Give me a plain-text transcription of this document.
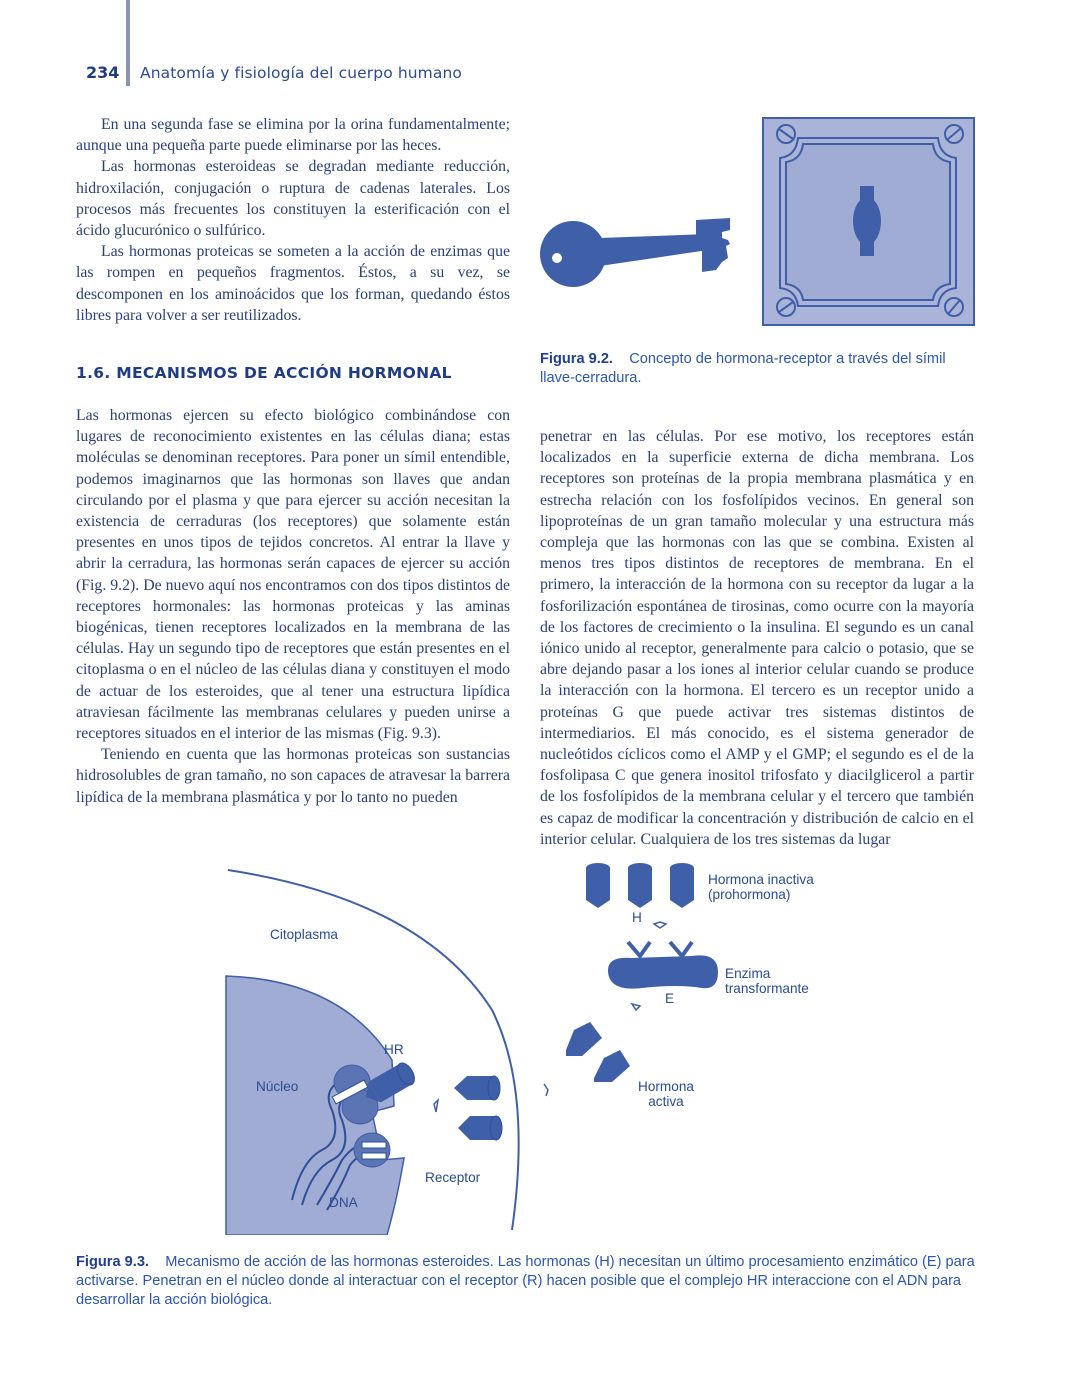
234 Anatomía y fisiología del cuerpo humano

En una segunda fase se elimina por la orina fundamentalmente; aunque una pequeña parte puede eliminarse por las heces.

Las hormonas esteroideas se degradan mediante reducción, hidroxilación, conjugación o ruptura de cadenas laterales. Los procesos más frecuentes los constituyen la esterificación con el ácido glucurónico o sulfúrico.

Las hormonas proteicas se someten a la acción de enzimas que las rompen en pequeños fragmentos. Éstos, a su vez, se descomponen en los aminoácidos que los forman, quedando éstos libres para volver a ser reutilizados.

Figura 9.2. Concepto de hormona-receptor a través del símil llave-cerradura.
1.6. MECANISMOS DE ACCIÓN HORMONAL

Las hormonas ejercen su efecto biológico combinándose con lugares de reconocimiento existentes en las células diana; estas moléculas se denominan receptores. Para poner un símil entendible, podemos imaginarnos que las hormonas son llaves que andan circulando por el plasma y que para ejercer su acción necesitan la existencia de cerraduras (los receptores) que solamente están presentes en unos tipos de tejidos concretos. Al entrar la llave y abrir la cerradura, las hormonas serán capaces de ejercer su acción (Fig. 9.2). De nuevo aquí nos encontramos con dos tipos distintos de receptores hormonales: las hormonas proteicas y las aminas biogénicas, tienen receptores localizados en la membrana de las células. Hay un segundo tipo de receptores que están presentes en el citoplasma o en el núcleo de las células diana y constituyen el modo de actuar de los esteroides, que al tener una estructura lipídica atraviesan fácilmente las membranas celulares y pueden unirse a receptores situados en el interior de las mismas (Fig. 9.3).

Teniendo en cuenta que las hormonas proteicas son sustancias hidrosolubles de gran tamaño, no son capaces de atravesar la barrera lipídica de la membrana plasmática y por lo tanto no pueden

penetrar en las células. Por ese motivo, los receptores están localizados en la superficie externa de dicha membrana. Los receptores son proteínas de la propia membrana plasmática y en estrecha relación con los fosfolípidos vecinos. En general son lipoproteínas de un gran tamaño molecular y una estructura más compleja que las hormonas con las que se combina. Existen al menos tres tipos distintos de receptores de membrana. En el primero, la interacción de la hormona con su receptor da lugar a la fosforilización espontánea de tirosinas, como ocurre con la mayoría de los factores de crecimiento o la insulina. El segundo es un canal iónico unido al receptor, generalmente para calcio o potasio, que se abre dejando pasar a los iones al interior celular cuando se produce la interacción con la hormona. El tercero es un receptor unido a proteínas G que puede activar tres sistemas distintos de intermediarios. El más conocido, es el sistema generador de nucleótidos cíclicos como el AMP y el GMP; el segundo es el de la fosfolipasa C que genera inositol trifosfato y diacilglicerol a partir de los fosfolípidos de la membrana celular y el tercero que también es capaz de modificar la concentración y distribución de calcio en el interior celular. Cualquiera de los tres sistemas da lugar

Citoplasma
Núcleo
HR
DNA
Receptor
Hormona inactiva (prohormona)
H
Enzima transformante
E
Hormona activa
Figura 9.3. Mecanismo de acción de las hormonas esteroides. Las hormonas (H) necesitan un último procesamiento enzimático (E) para activarse. Penetran en el núcleo donde al interactuar con el receptor (R) hacen posible que el complejo HR interaccione con el ADN para desarrollar la acción biológica.
